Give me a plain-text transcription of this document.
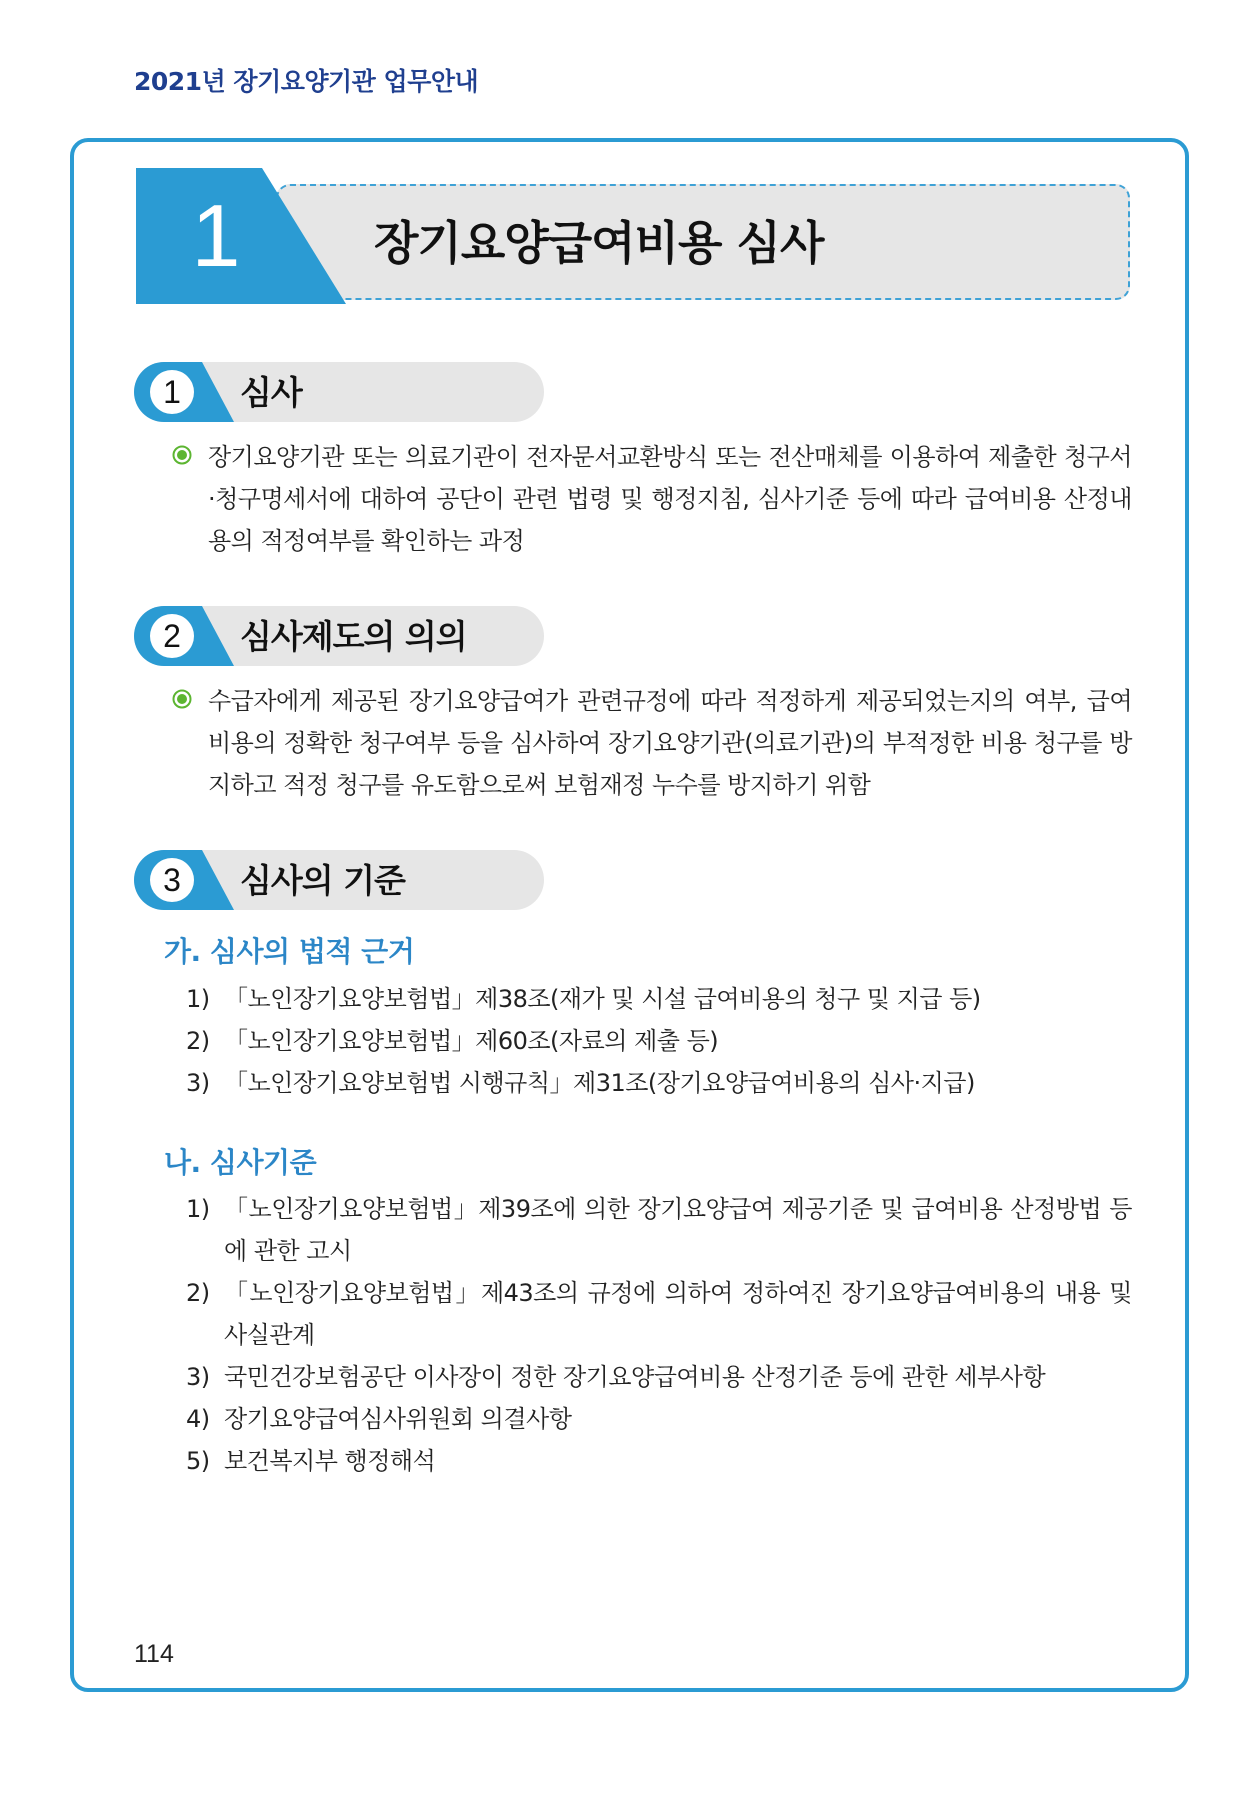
2021년 장기요양기관 업무안내
1	장기요양급여비용 심사
1	심사
장기요양기관 또는 의료기관이 전자문서교환방식 또는 전산매체를 이용하여 제출한 청구서·청구명세서에 대하여 공단이 관련 법령 및 행정지침, 심사기준 등에 따라 급여비용 산정내용의 적정여부를 확인하는 과정
2	심사제도의 의의
수급자에게 제공된 장기요양급여가 관련규정에 따라 적정하게 제공되었는지의 여부, 급여비용의 정확한 청구여부 등을 심사하여 장기요양기관(의료기관)의 부적정한 비용 청구를 방지하고 적정 청구를 유도함으로써 보험재정 누수를 방지하기 위함
3	심사의 기준
가. 심사의 법적 근거
1) 「노인장기요양보험법」제38조(재가 및 시설 급여비용의 청구 및 지급 등)
2) 「노인장기요양보험법」제60조(자료의 제출 등)
3) 「노인장기요양보험법 시행규칙」제31조(장기요양급여비용의 심사·지급)
나. 심사기준
1) 「노인장기요양보험법」제39조에 의한 장기요양급여 제공기준 및 급여비용 산정방법 등에 관한 고시
2) 「노인장기요양보험법」제43조의 규정에 의하여 정하여진 장기요양급여비용의 내용 및 사실관계
3) 국민건강보험공단 이사장이 정한 장기요양급여비용 산정기준 등에 관한 세부사항
4) 장기요양급여심사위원회 의결사항
5) 보건복지부 행정해석
114
